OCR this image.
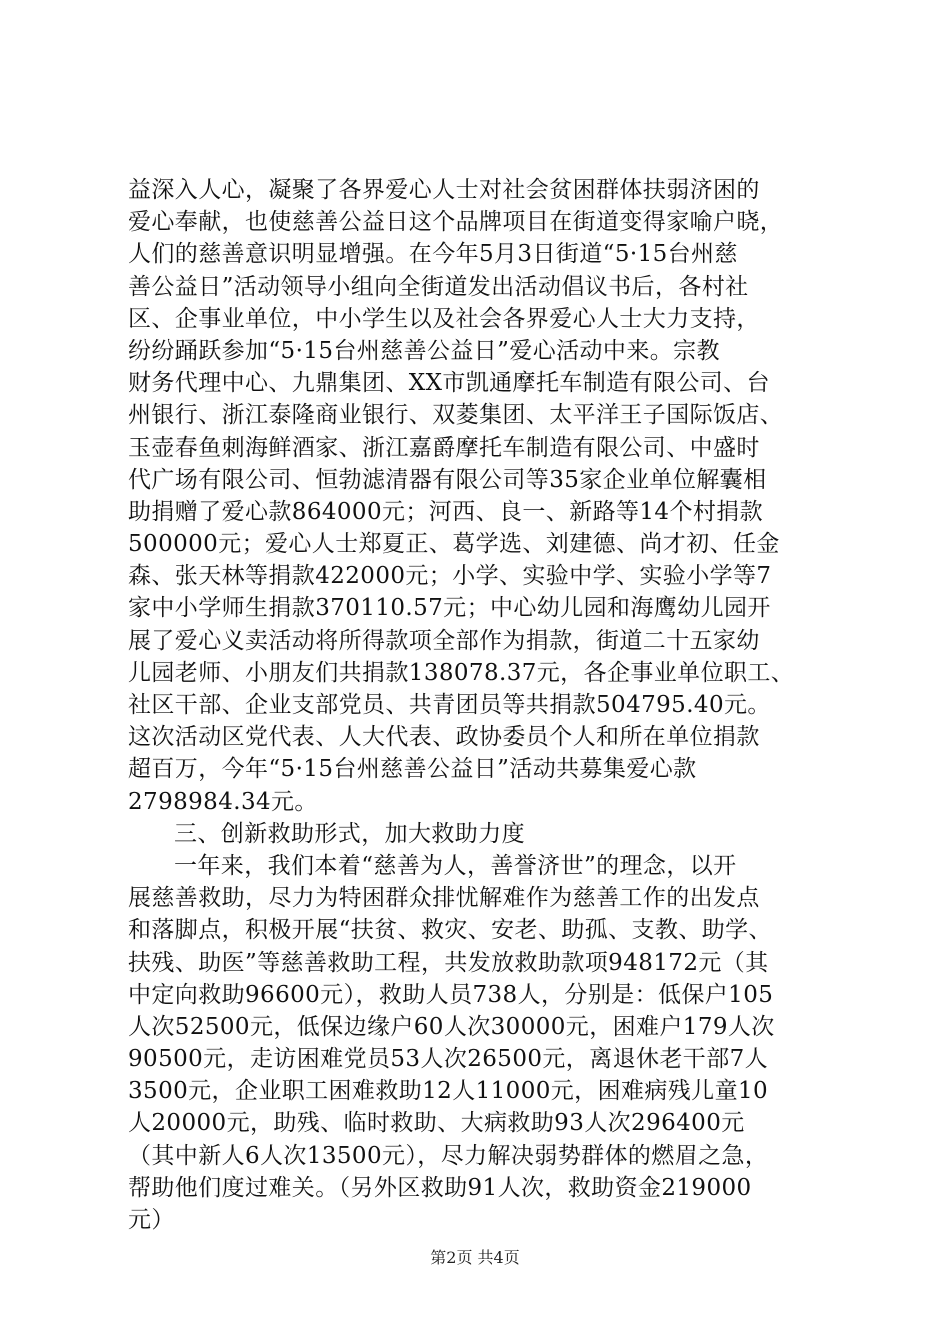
益深入人心，凝聚了各界爱心人士对社会贫困群体扶弱济困的
爱心奉献，也使慈善公益日这个品牌项目在街道变得家喻户晓，
人们的慈善意识明显增强。在今年5月3日街道“5·15台州慈
善公益日”活动领导小组向全街道发出活动倡议书后，各村社
区、企事业单位，中小学生以及社会各界爱心人士大力支持，
纷纷踊跃参加“5·15台州慈善公益日”爱心活动中来。宗教
财务代理中心、九鼎集团、XX市凯通摩托车制造有限公司、台
州银行、浙江泰隆商业银行、双菱集团、太平洋王子国际饭店、
玉壶春鱼刺海鲜酒家、浙江嘉爵摩托车制造有限公司、中盛时
代广场有限公司、恒勃滤清器有限公司等35家企业单位解囊相
助捐赠了爱心款864000元；河西、良一、新路等14个村捐款
500000元；爱心人士郑夏正、葛学选、刘建德、尚才初、任金
森、张天林等捐款422000元；小学、实验中学、实验小学等7
家中小学师生捐款370110.57元；中心幼儿园和海鹰幼儿园开
展了爱心义卖活动将所得款项全部作为捐款，街道二十五家幼
儿园老师、小朋友们共捐款138078.37元，各企事业单位职工、
社区干部、企业支部党员、共青团员等共捐款504795.40元。
这次活动区党代表、人大代表、政协委员个人和所在单位捐款
超百万，今年“5·15台州慈善公益日”活动共募集爱心款
2798984.34元。
三、创新救助形式，加大救助力度
一年来，我们本着“慈善为人，善誉济世”的理念，以开
展慈善救助，尽力为特困群众排忧解难作为慈善工作的出发点
和落脚点，积极开展“扶贫、救灾、安老、助孤、支教、助学、
扶残、助医”等慈善救助工程，共发放救助款项948172元（其
中定向救助96600元），救助人员738人，分别是：低保户105
人次52500元，低保边缘户60人次30000元，困难户179人次
90500元，走访困难党员53人次26500元，离退休老干部7人
3500元，企业职工困难救助12人11000元，困难病残儿童10
人20000元，助残、临时救助、大病救助93人次296400元
（其中新人6人次13500元），尽力解决弱势群体的燃眉之急，
帮助他们度过难关。（另外区救助91人次，救助资金219000
元）
第2页 共4页
